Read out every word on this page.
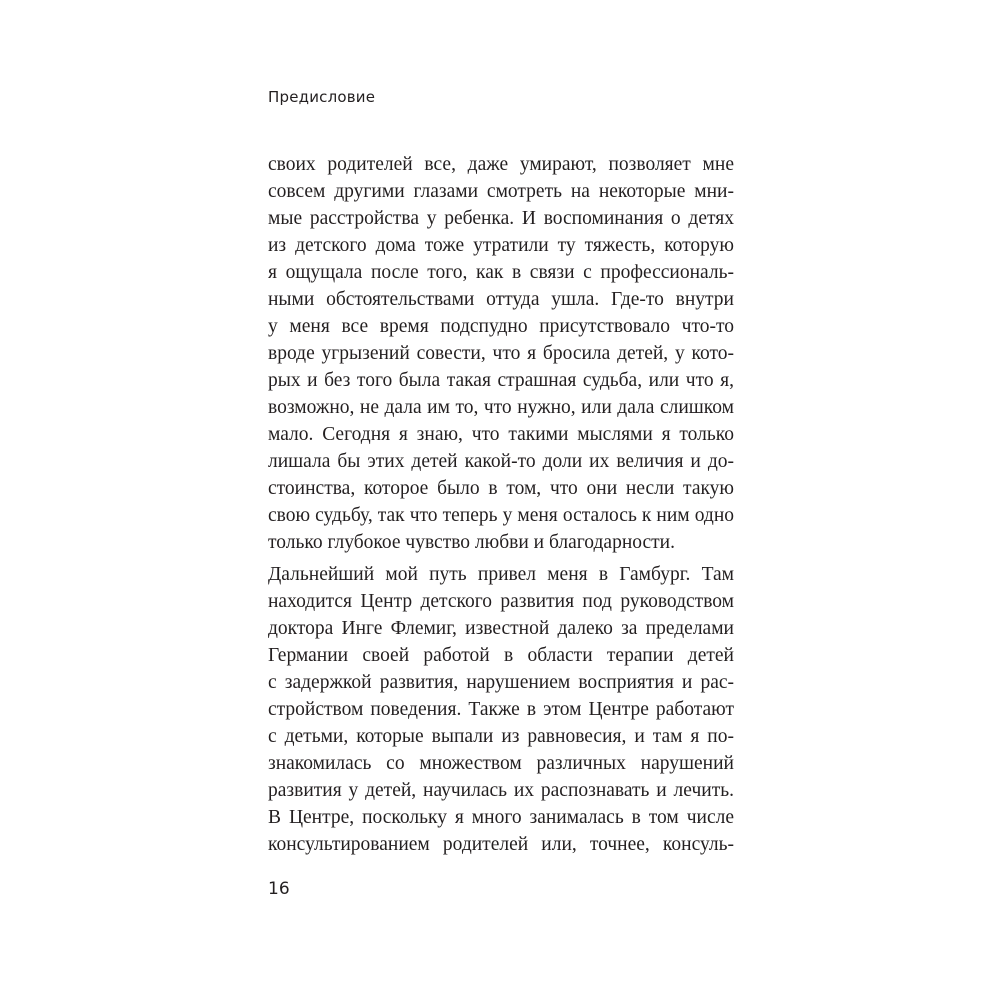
Предисловие
своих родителей все, даже умирают, позволяет мне
совсем другими глазами смотреть на некоторые мни-
мые расстройства у ребенка. И воспоминания о детях
из детского дома тоже утратили ту тяжесть, которую
я ощущала после того, как в связи с профессиональ-
ными обстоятельствами оттуда ушла. Где-то внутри
у меня все время подспудно присутствовало что-то
вроде угрызений совести, что я бросила детей, у кото-
рых и без того была такая страшная судьба, или что я,
возможно, не дала им то, что нужно, или дала слишком
мало. Сегодня я знаю, что такими мыслями я только
лишала бы этих детей какой-то доли их величия и до-
стоинства, которое было в том, что они несли такую
свою судьбу, так что теперь у меня осталось к ним одно
только глубокое чувство любви и благодарности.
Дальнейший мой путь привел меня в Гамбург. Там
находится Центр детского развития под руководством
доктора Инге Флемиг, известной далеко за пределами
Германии своей работой в области терапии детей
с задержкой развития, нарушением восприятия и рас-
стройством поведения. Также в этом Центре работают
с детьми, которые выпали из равновесия, и там я по-
знакомилась со множеством различных нарушений
развития у детей, научилась их распознавать и лечить.
В Центре, поскольку я много занималась в том числе
консультированием родителей или, точнее, консуль-
16
